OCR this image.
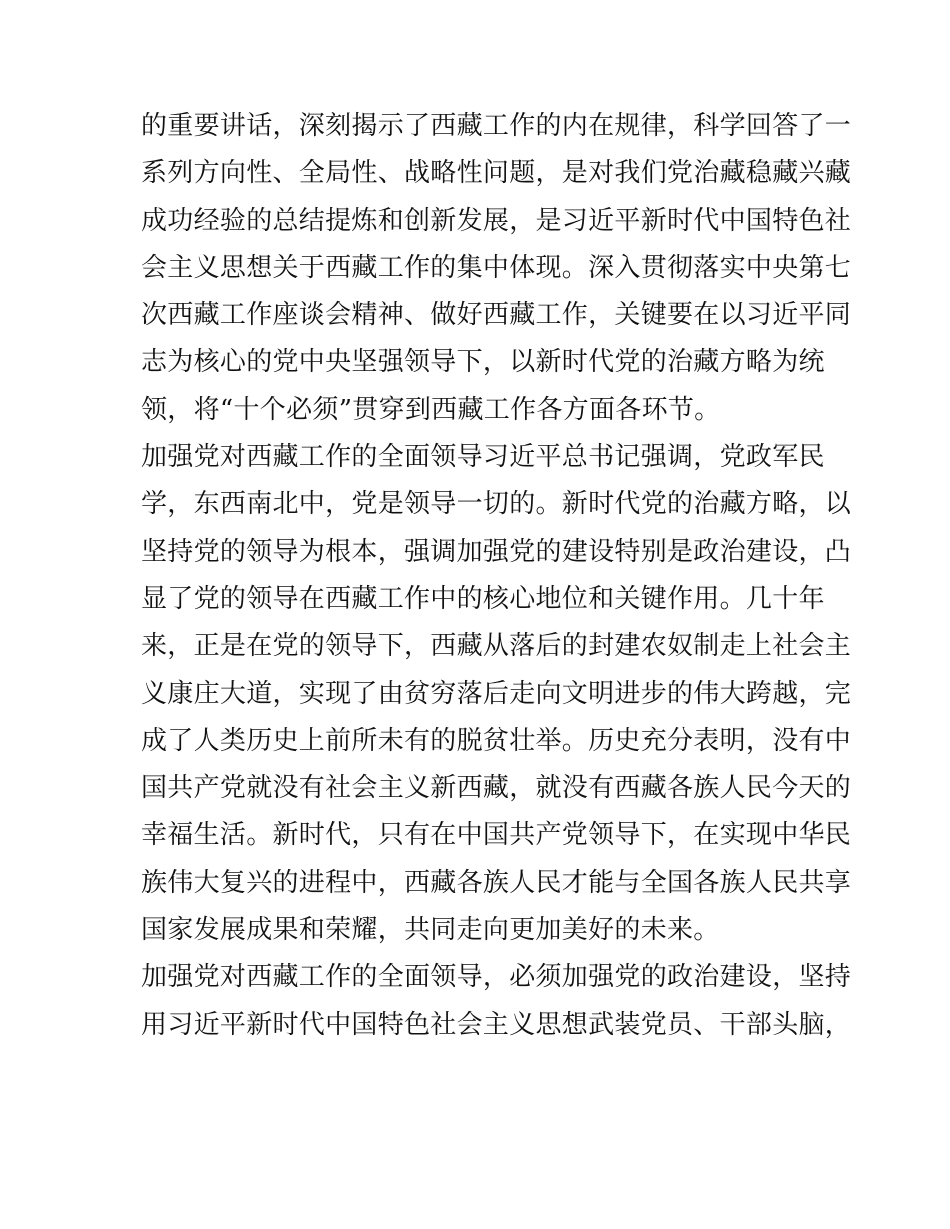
的重要讲话，深刻揭示了西藏工作的内在规律，科学回答了一
系列方向性、全局性、战略性问题，是对我们党治藏稳藏兴藏
成功经验的总结提炼和创新发展，是习近平新时代中国特色社
会主义思想关于西藏工作的集中体现。深入贯彻落实中央第七
次西藏工作座谈会精神、做好西藏工作，关键要在以习近平同
志为核心的党中央坚强领导下，以新时代党的治藏方略为统
领，将“十个必须”贯穿到西藏工作各方面各环节。
加强党对西藏工作的全面领导习近平总书记强调，党政军民
学，东西南北中，党是领导一切的。新时代党的治藏方略，以
坚持党的领导为根本，强调加强党的建设特别是政治建设，凸
显了党的领导在西藏工作中的核心地位和关键作用。几十年
来，正是在党的领导下，西藏从落后的封建农奴制走上社会主
义康庄大道，实现了由贫穷落后走向文明进步的伟大跨越，完
成了人类历史上前所未有的脱贫壮举。历史充分表明，没有中
国共产党就没有社会主义新西藏，就没有西藏各族人民今天的
幸福生活。新时代，只有在中国共产党领导下，在实现中华民
族伟大复兴的进程中，西藏各族人民才能与全国各族人民共享
国家发展成果和荣耀，共同走向更加美好的未来。
加强党对西藏工作的全面领导，必须加强党的政治建设，坚持
用习近平新时代中国特色社会主义思想武装党员、干部头脑，
